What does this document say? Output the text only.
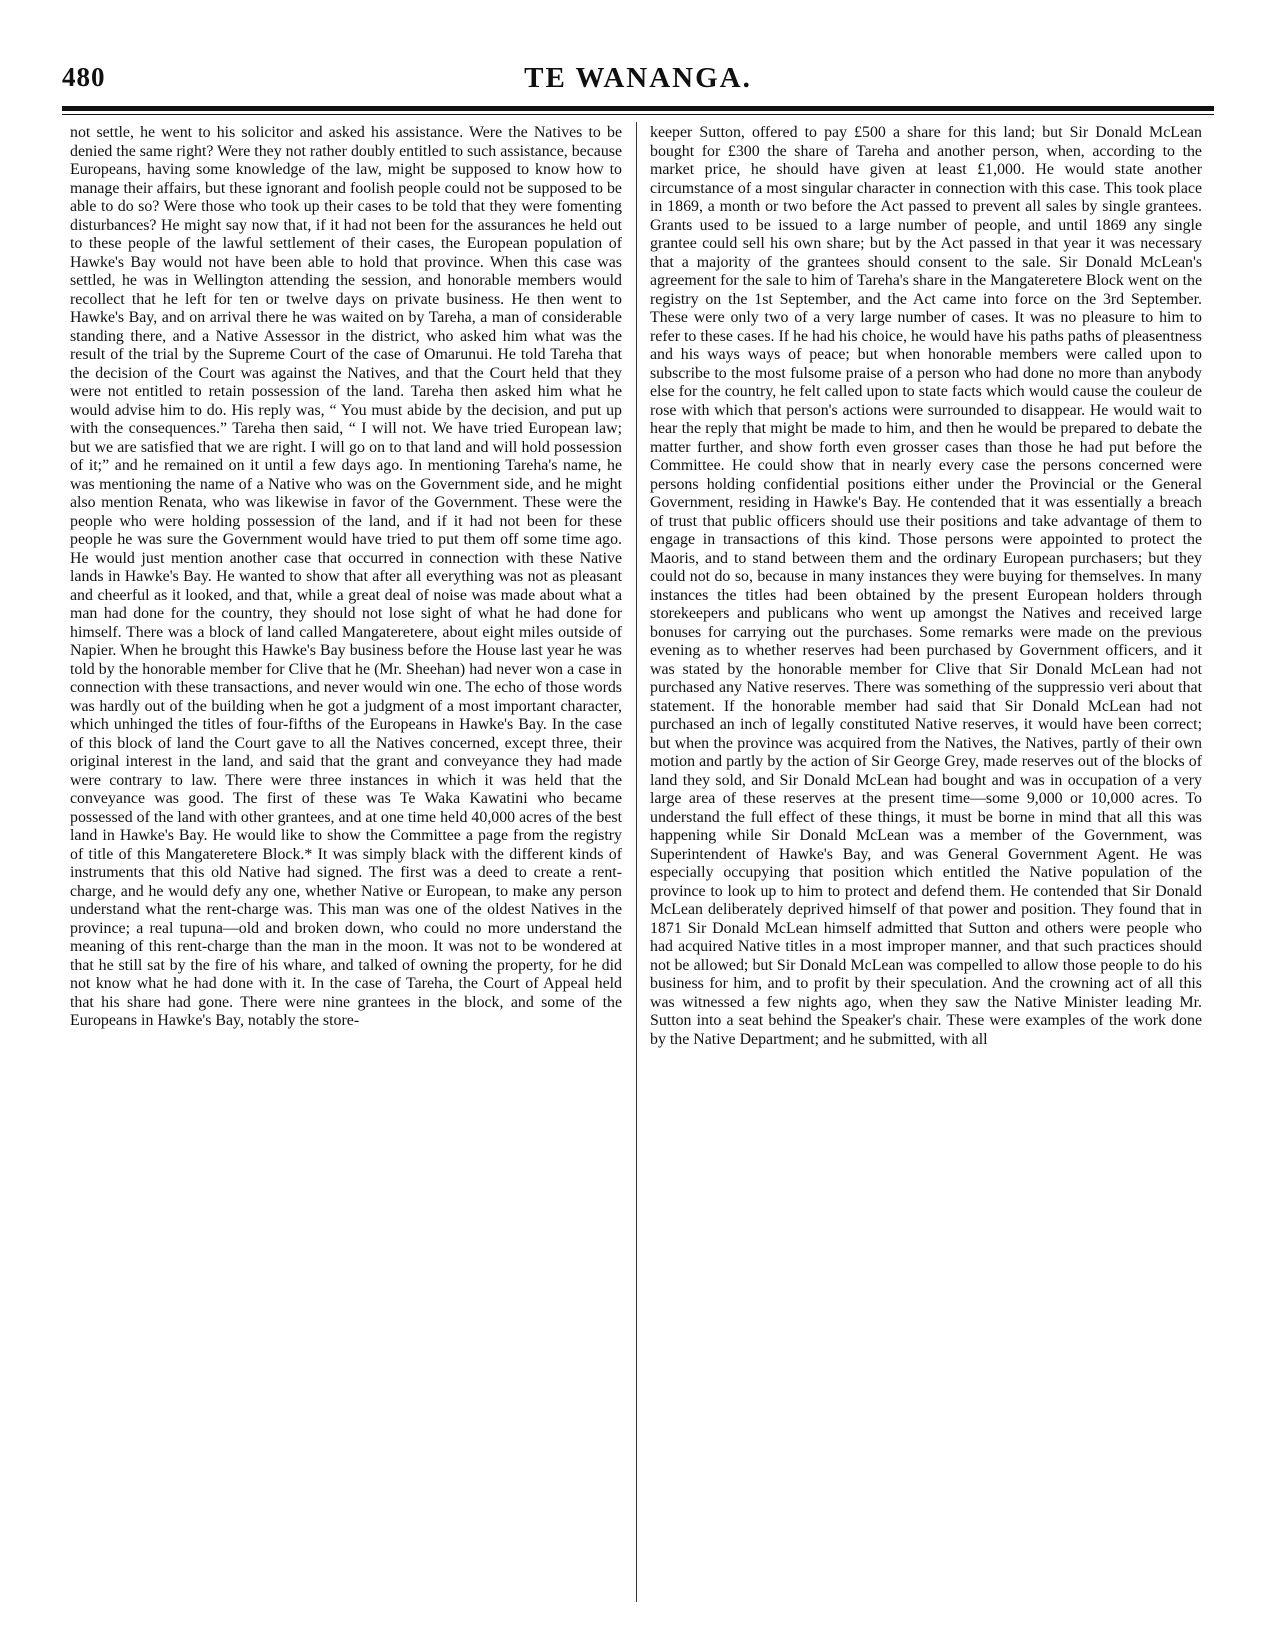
480	TE WANANGA.

not settle, he went to his solicitor and asked his assistance. Were the Natives to be denied the same right? Were they not rather doubly entitled to such assistance, because Europeans, having some knowledge of the law, might be supposed to know how to manage their affairs, but these ignorant and foolish people could not be supposed to be able to do so? Were those who took up their cases to be told that they were fomenting disturbances? He might say now that, if it had not been for the assurances he held out to these people of the lawful settlement of their cases, the European population of Hawke's Bay would not have been able to hold that province. When this case was settled, he was in Wellington attending the session, and honorable members would recollect that he left for ten or twelve days on private business. He then went to Hawke's Bay, and on arrival there he was waited on by Tareha, a man of considerable standing there, and a Native Assessor in the district, who asked him what was the result of the trial by the Supreme Court of the case of Omarunui. He told Tareha that the decision of the Court was against the Natives, and that the Court held that they were not entitled to retain possession of the land. Tareha then asked him what he would advise him to do. His reply was, “ You must abide by the decision, and put up with the consequences.” Tareha then said, “ I will not. We have tried European law; but we are satisfied that we are right. I will go on to that land and will hold possession of it;” and he remained on it until a few days ago. In mentioning Tareha's name, he was mentioning the name of a Native who was on the Government side, and he might also mention Renata, who was likewise in favor of the Government. These were the people who were holding possession of the land, and if it had not been for these people he was sure the Government would have tried to put them off some time ago. He would just mention another case that occurred in connection with these Native lands in Hawke's Bay. He wanted to show that after all everything was not as pleasant and cheerful as it looked, and that, while a great deal of noise was made about what a man had done for the country, they should not lose sight of what he had done for himself. There was a block of land called Mangateretere, about eight miles outside of Napier. When he brought this Hawke's Bay business before the House last year he was told by the honorable member for Clive that he (Mr. Sheehan) had never won a case in connection with these transactions, and never would win one. The echo of those words was hardly out of the building when he got a judgment of a most important character, which unhinged the titles of four-fifths of the Europeans in Hawke's Bay. In the case of this block of land the Court gave to all the Natives concerned, except three, their original interest in the land, and said that the grant and conveyance they had made were contrary to law. There were three instances in which it was held that the conveyance was good. The first of these was Te Waka Kawatini who became possessed of the land with other grantees, and at one time held 40,000 acres of the best land in Hawke's Bay. He would like to show the Committee a page from the registry of title of this Mangateretere Block.* It was simply black with the different kinds of instruments that this old Native had signed. The first was a deed to create a rent-charge, and he would defy any one, whether Native or European, to make any person understand what the rent-charge was. This man was one of the oldest Natives in the province; a real tupuna—old and broken down, who could no more understand the meaning of this rent-charge than the man in the moon. It was not to be wondered at that he still sat by the fire of his whare, and talked of owning the property, for he did not know what he had done with it. In the case of Tareha, the Court of Appeal held that his share had gone. There were nine grantees in the block, and some of the Europeans in Hawke's Bay, notably the store-

keeper Sutton, offered to pay £500 a share for this land; but Sir Donald McLean bought for £300 the share of Tareha and another person, when, according to the market price, he should have given at least £1,000. He would state another circumstance of a most singular character in connection with this case. This took place in 1869, a month or two before the Act passed to prevent all sales by single grantees. Grants used to be issued to a large number of people, and until 1869 any single grantee could sell his own share; but by the Act passed in that year it was necessary that a majority of the grantees should consent to the sale. Sir Donald McLean's agreement for the sale to him of Tareha's share in the Mangateretere Block went on the registry on the 1st September, and the Act came into force on the 3rd September. These were only two of a very large number of cases. It was no pleasure to him to refer to these cases. If he had his choice, he would have his paths paths of pleasentness and his ways ways of peace; but when honorable members were called upon to subscribe to the most fulsome praise of a person who had done no more than anybody else for the country, he felt called upon to state facts which would cause the couleur de rose with which that person's actions were surrounded to disappear. He would wait to hear the reply that might be made to him, and then he would be prepared to debate the matter further, and show forth even grosser cases than those he had put before the Committee. He could show that in nearly every case the persons concerned were persons holding confidential positions either under the Provincial or the General Government, residing in Hawke's Bay. He contended that it was essentially a breach of trust that public officers should use their positions and take advantage of them to engage in transactions of this kind. Those persons were appointed to protect the Maoris, and to stand between them and the ordinary European purchasers; but they could not do so, because in many instances they were buying for themselves. In many instances the titles had been obtained by the present European holders through storekeepers and publicans who went up amongst the Natives and received large bonuses for carrying out the purchases. Some remarks were made on the previous evening as to whether reserves had been purchased by Government officers, and it was stated by the honorable member for Clive that Sir Donald McLean had not purchased any Native reserves. There was something of the suppressio veri about that statement. If the honorable member had said that Sir Donald McLean had not purchased an inch of legally constituted Native reserves, it would have been correct; but when the province was acquired from the Natives, the Natives, partly of their own motion and partly by the action of Sir George Grey, made reserves out of the blocks of land they sold, and Sir Donald McLean had bought and was in occupation of a very large area of these reserves at the present time—some 9,000 or 10,000 acres. To understand the full effect of these things, it must be borne in mind that all this was happening while Sir Donald McLean was a member of the Government, was Superintendent of Hawke's Bay, and was General Government Agent. He was especially occupying that position which entitled the Native population of the province to look up to him to protect and defend them. He contended that Sir Donald McLean deliberately deprived himself of that power and position. They found that in 1871 Sir Donald McLean himself admitted that Sutton and others were people who had acquired Native titles in a most improper manner, and that such practices should not be allowed; but Sir Donald McLean was compelled to allow those people to do his business for him, and to profit by their speculation. And the crowning act of all this was witnessed a few nights ago, when they saw the Native Minister leading Mr. Sutton into a seat behind the Speaker's chair. These were examples of the work done by the Native Department; and he submitted, with all
